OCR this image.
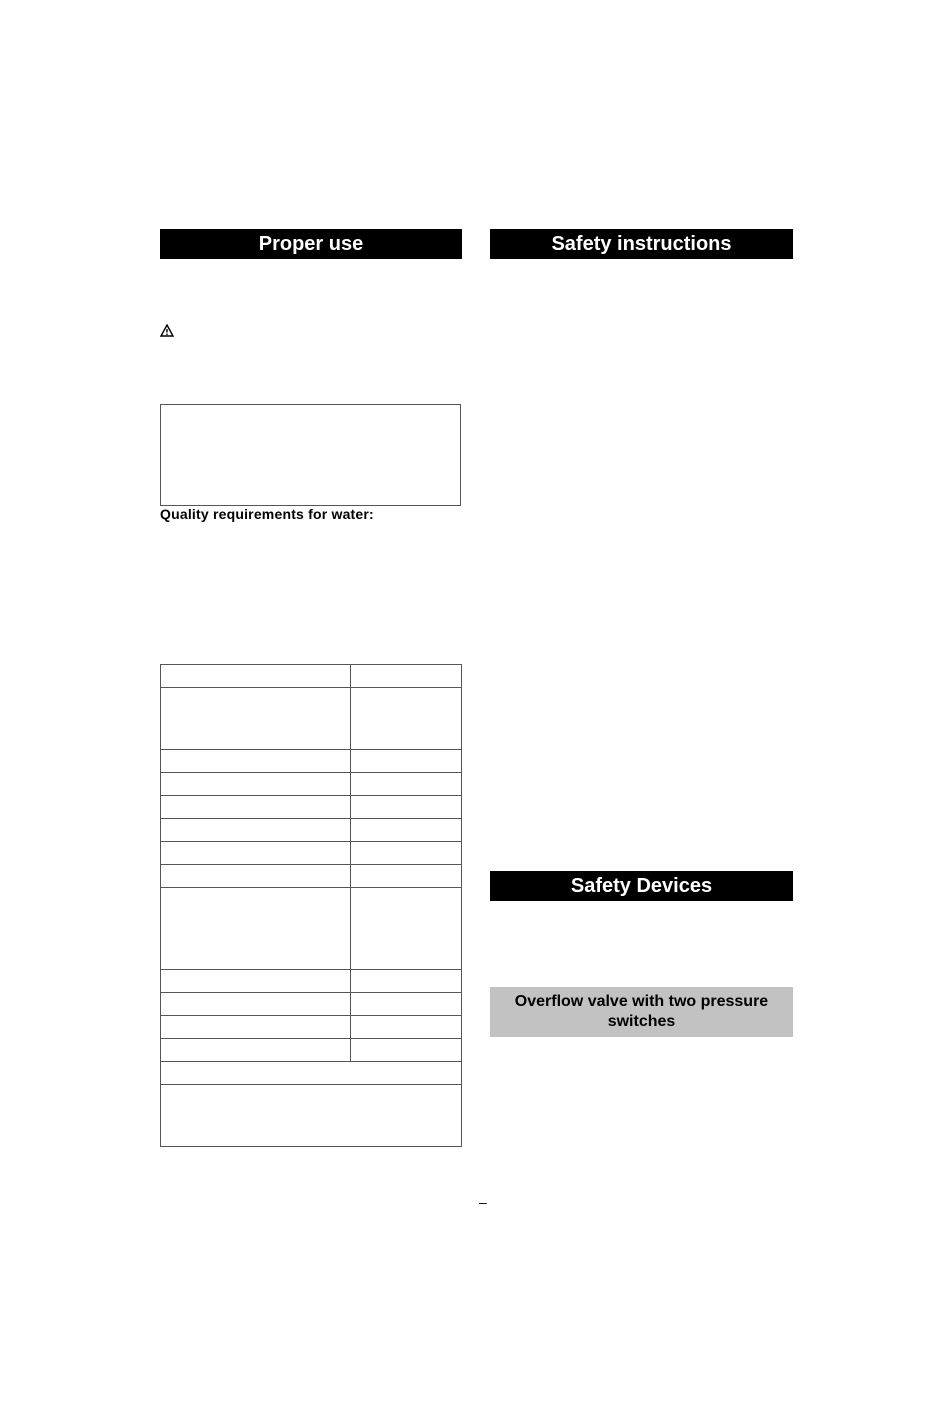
Proper use
Quality requirements for water:

Safety instructions
Safety Devices
Overflow valve with two pressure switches
–
